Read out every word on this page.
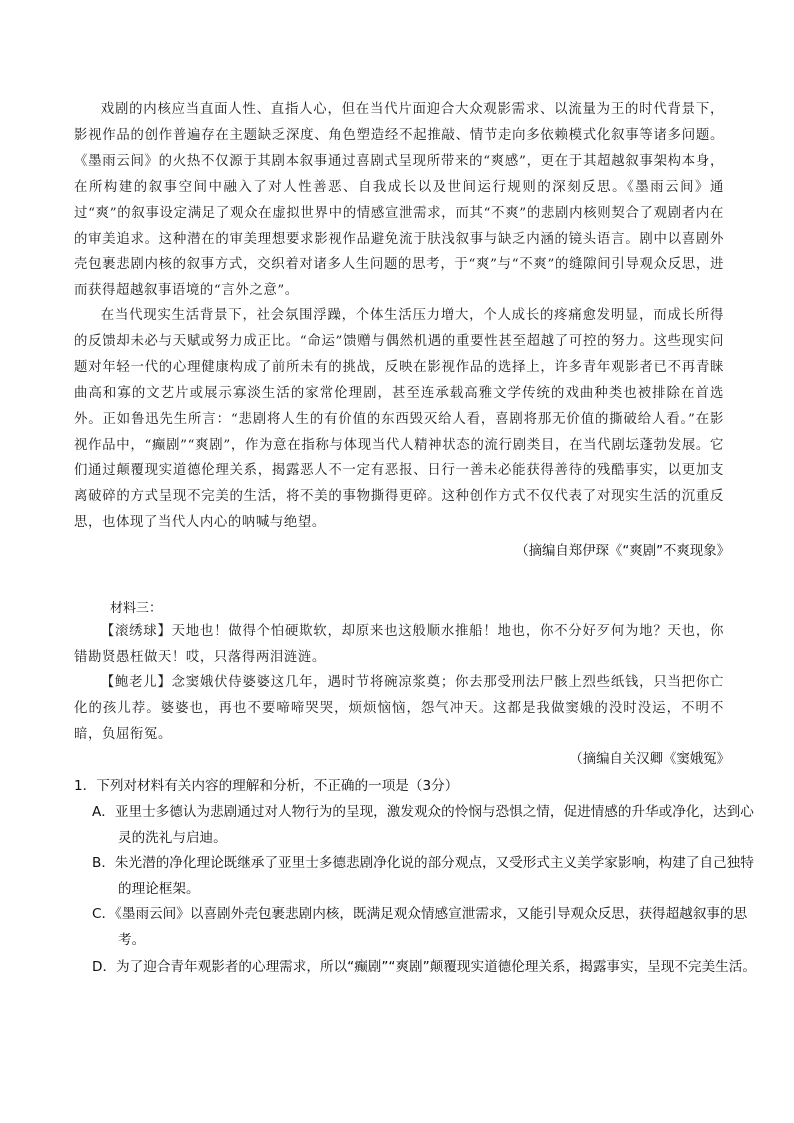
戏剧的内核应当直面人性、直指人心，但在当代片面迎合大众观影需求、以流量为王的时代背景下，影视作品的创作普遍存在主题缺乏深度、角色塑造经不起推敲、情节走向多依赖模式化叙事等诸多问题。《墨雨云间》的火热不仅源于其剧本叙事通过喜剧式呈现所带来的“爽感”，更在于其超越叙事架构本身，在所构建的叙事空间中融入了对人性善恶、自我成长以及世间运行规则的深刻反思。《墨雨云间》通过“爽”的叙事设定满足了观众在虚拟世界中的情感宣泄需求，而其“不爽”的悲剧内核则契合了观剧者内在的审美追求。这种潜在的审美理想要求影视作品避免流于肤浅叙事与缺乏内涵的镜头语言。剧中以喜剧外壳包裹悲剧内核的叙事方式，交织着对诸多人生问题的思考，于“爽”与“不爽”的缝隙间引导观众反思，进而获得超越叙事语境的“言外之意”。

在当代现实生活背景下，社会氛围浮躁，个体生活压力增大，个人成长的疼痛愈发明显，而成长所得的反馈却未必与天赋或努力成正比。“命运”馈赠与偶然机遇的重要性甚至超越了可控的努力。这些现实问题对年轻一代的心理健康构成了前所未有的挑战，反映在影视作品的选择上，许多青年观影者已不再青睐曲高和寡的文艺片或展示寡淡生活的家常伦理剧，甚至连承载高雅文学传统的戏曲种类也被排除在首选外。正如鲁迅先生所言：“悲剧将人生的有价值的东西毁灭给人看，喜剧将那无价值的撕破给人看。”在影视作品中，“癫剧”“爽剧”，作为意在指称与体现当代人精神状态的流行剧类目，在当代剧坛蓬勃发展。它们通过颠覆现实道德伦理关系，揭露恶人不一定有恶报、日行一善未必能获得善待的残酷事实，以更加支离破碎的方式呈现不完美的生活，将不美的事物撕得更碎。这种创作方式不仅代表了对现实生活的沉重反思，也体现了当代人内心的呐喊与绝望。

（摘编自郑伊琛《“爽剧”不爽现象》
材料三：

【滚绣球】天地也！做得个怕硬欺软，却原来也这般顺水推船！地也，你不分好歹何为地？天也，你错勘贤愚枉做天！哎，只落得两泪涟涟。

【鲍老儿】念窦娥伏侍婆婆这几年，遇时节将碗凉浆奠；你去那受刑法尸骸上烈些纸钱，只当把你亡化的孩儿荐。婆婆也，再也不要啼啼哭哭，烦烦恼恼，怨气冲天。这都是我做窦娥的没时没运，不明不暗，负屈衔冤。

（摘编自关汉卿《窦娥冤》
1．下列对材料有关内容的理解和分析，不正确的一项是（3分）
A．亚里士多德认为悲剧通过对人物行为的呈现，激发观众的怜悯与恐惧之情，促进情感的升华或净化，达到心灵的洗礼与启迪。
B．朱光潜的净化理论既继承了亚里士多德悲剧净化说的部分观点，又受形式主义美学家影响，构建了自己独特的理论框架。
C．《墨雨云间》以喜剧外壳包裹悲剧内核，既满足观众情感宣泄需求，又能引导观众反思，获得超越叙事的思考。
D．为了迎合青年观影者的心理需求，所以“癫剧”“爽剧”颠覆现实道德伦理关系，揭露事实，呈现不完美生活。
